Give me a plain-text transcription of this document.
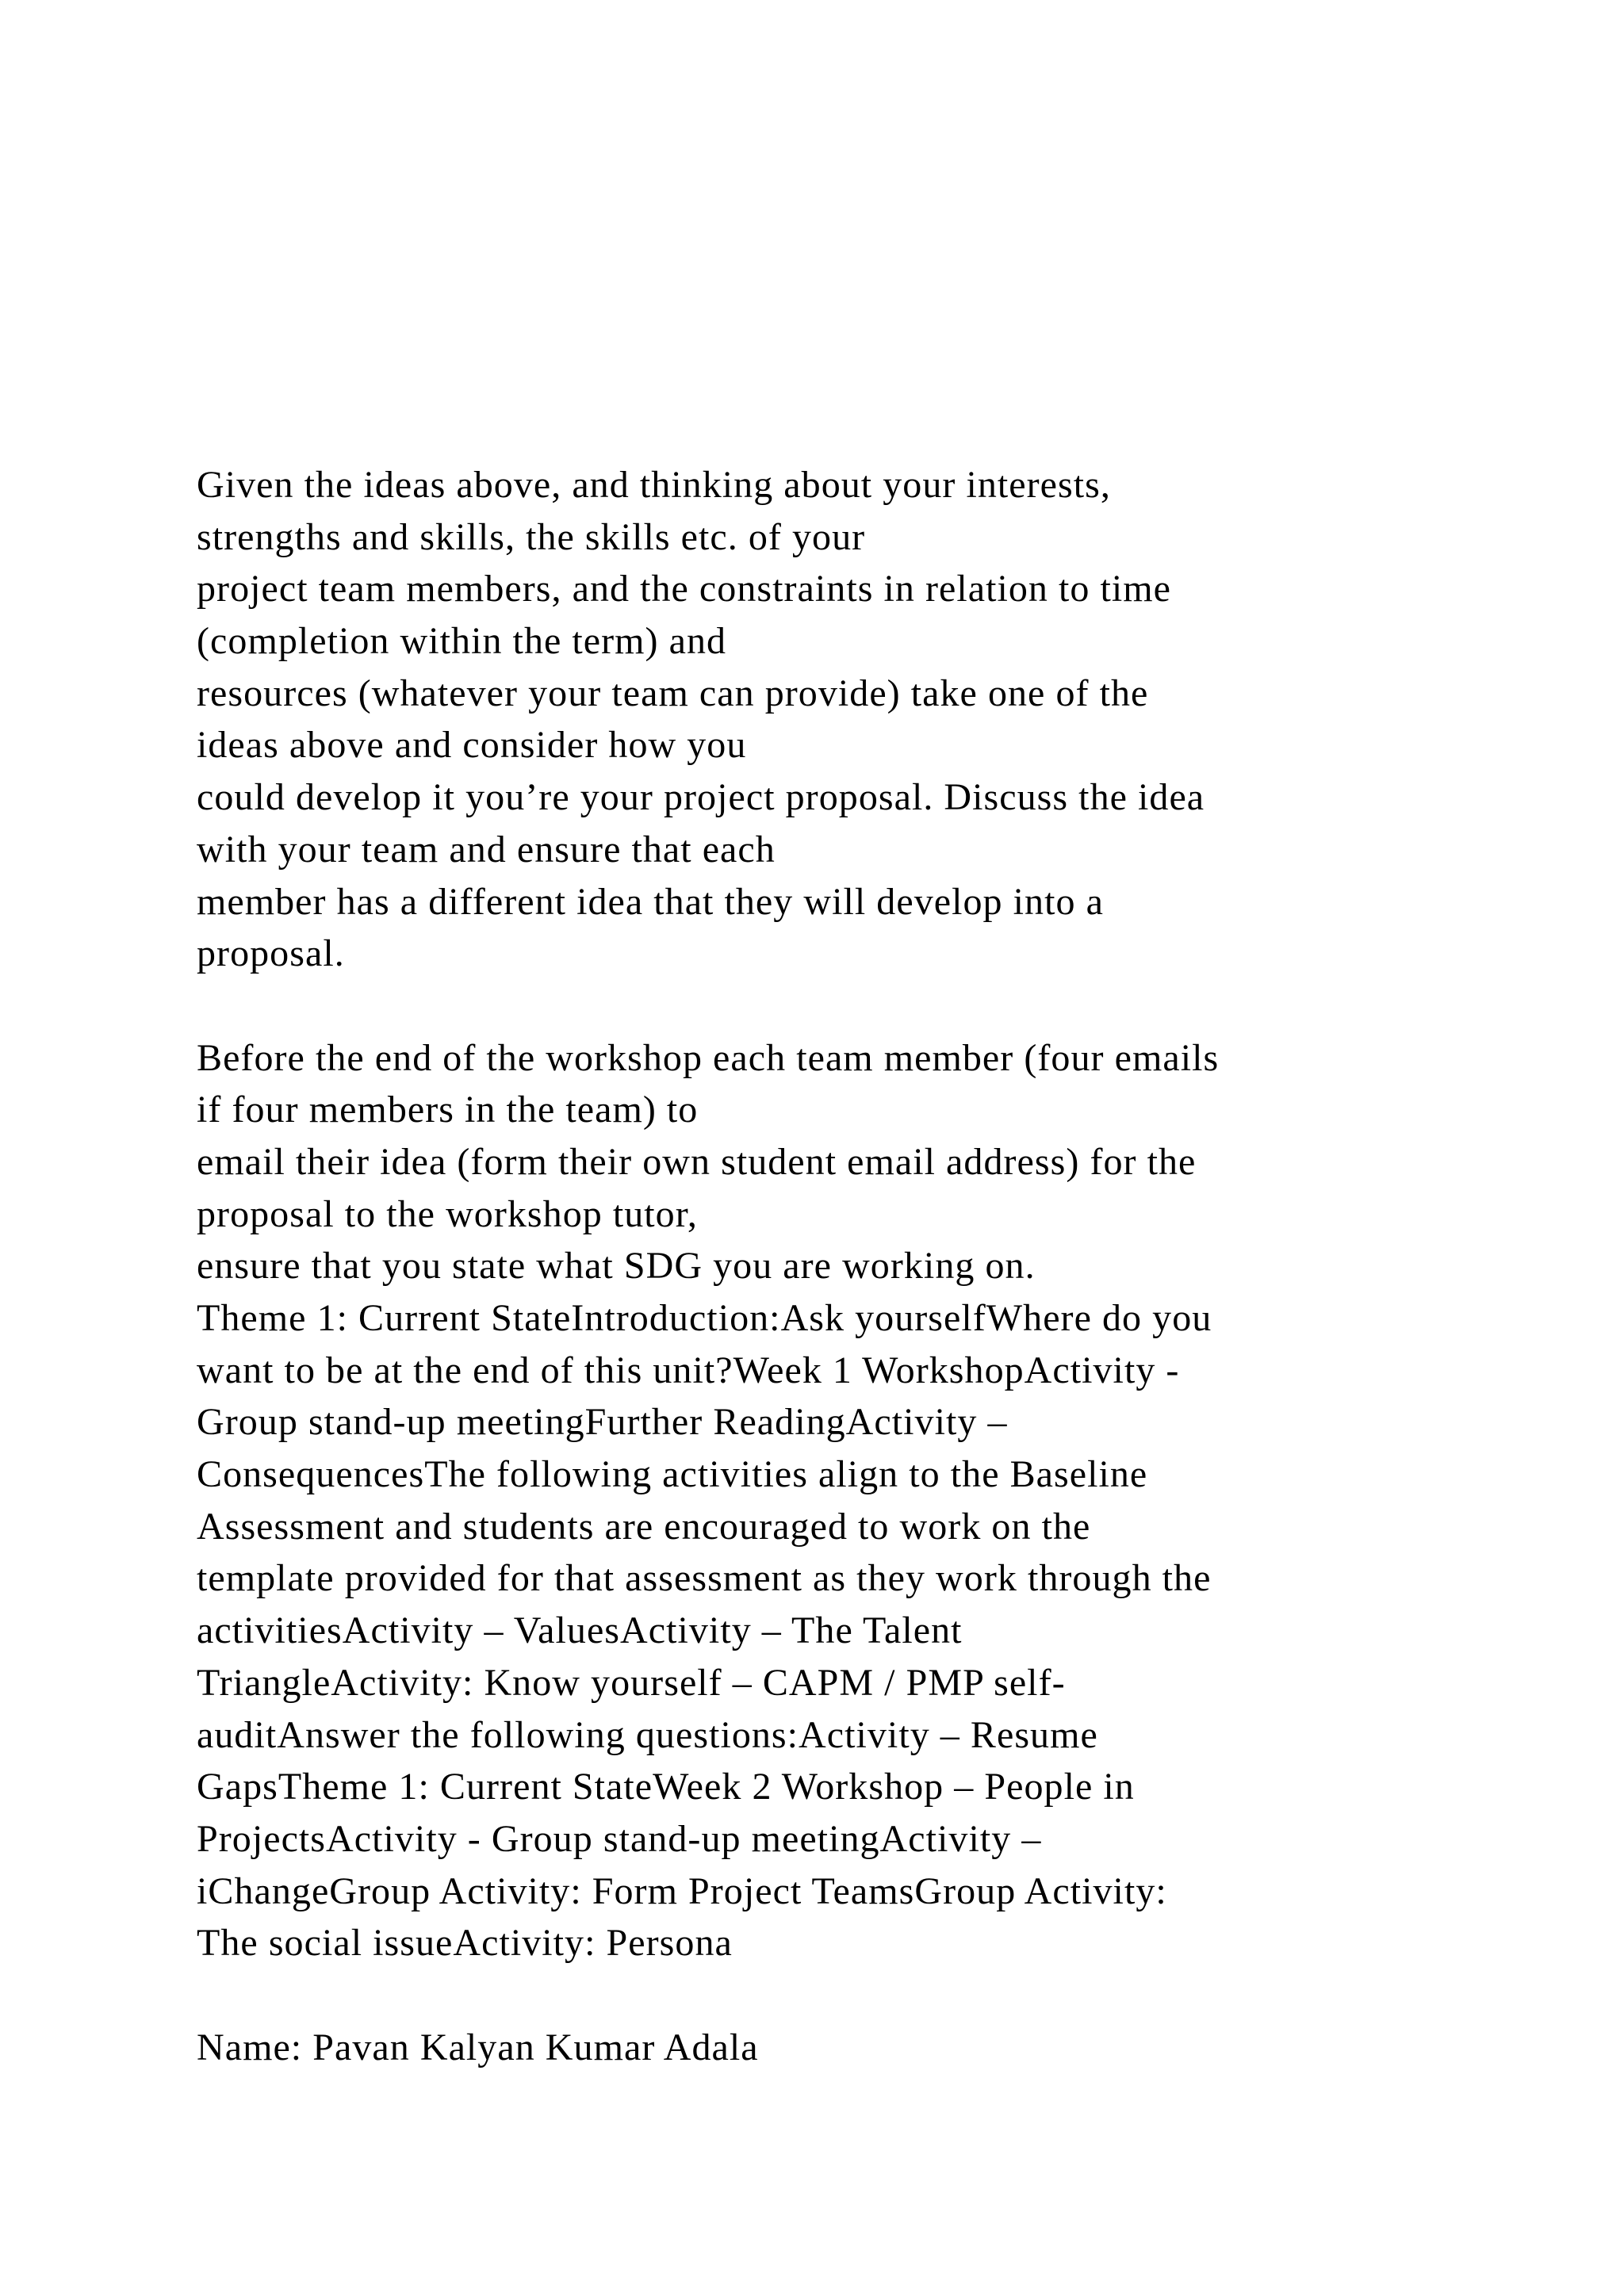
Given the ideas above, and thinking about your interests,
strengths and skills, the skills etc. of your
project team members, and the constraints in relation to time
(completion within the term) and
resources (whatever your team can provide) take one of the
ideas above and consider how you
could develop it you’re your project proposal. Discuss the idea
with your team and ensure that each
member has a different idea that they will develop into a
proposal.
Before the end of the workshop each team member (four emails
if four members in the team) to
email their idea (form their own student email address) for the
proposal to the workshop tutor,
ensure that you state what SDG you are working on.
Theme 1: Current StateIntroduction:Ask yourselfWhere do you
want to be at the end of this unit?Week 1 WorkshopActivity -
Group stand-up meetingFurther ReadingActivity –
ConsequencesThe following activities align to the Baseline
Assessment and students are encouraged to work on the
template provided for that assessment as they work through the
activitiesActivity – ValuesActivity – The Talent
TriangleActivity: Know yourself – CAPM / PMP self-
auditAnswer the following questions:Activity – Resume
GapsTheme 1: Current StateWeek 2 Workshop – People in
ProjectsActivity - Group stand-up meetingActivity –
iChangeGroup Activity: Form Project TeamsGroup Activity:
The social issueActivity: Persona
Name: Pavan Kalyan Kumar Adala
